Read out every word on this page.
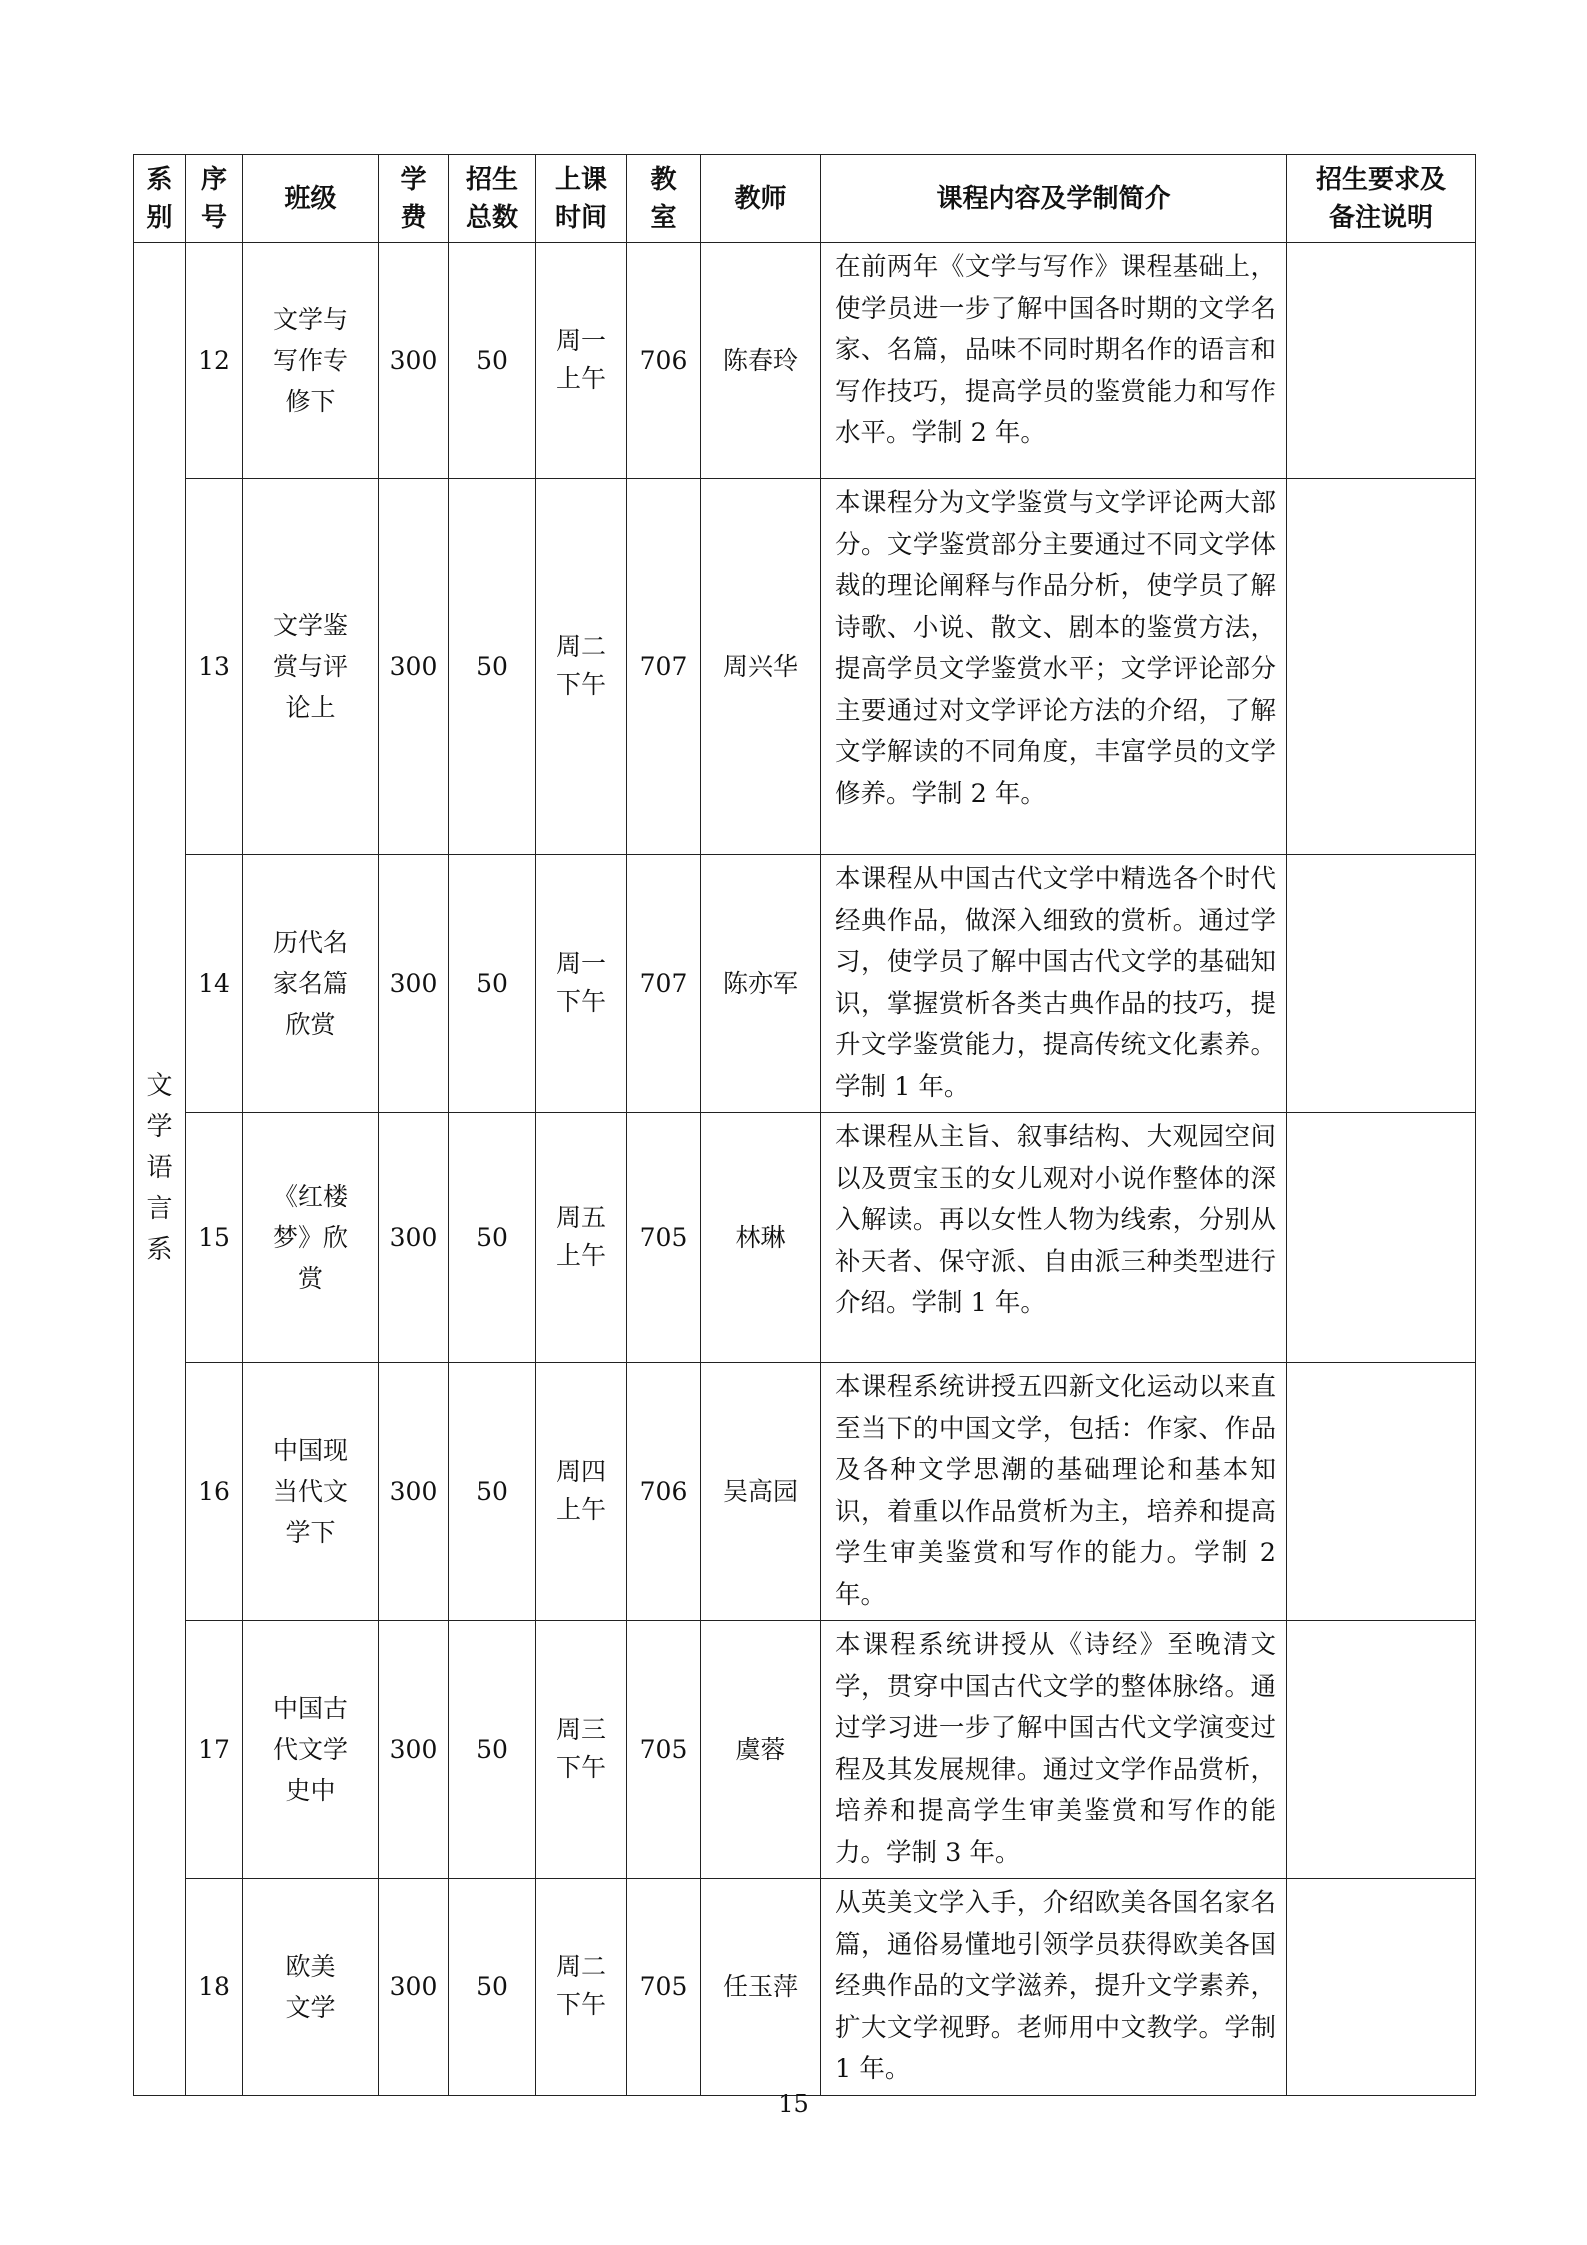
系别	序号	班级	学费	招生总数	上课时间	教室	教师	课程内容及学制简介	招生要求及备注说明
文学语言系	12	文学与写作专修下	300	50	周一上午	706	陈春玲	在前两年《文学与写作》课程基础上，使学员进一步了解中国各时期的文学名家、名篇，品味不同时期名作的语言和写作技巧，提高学员的鉴赏能力和写作水平。学制 2 年。	
	13	文学鉴赏与评论上	300	50	周二下午	707	周兴华	本课程分为文学鉴赏与文学评论两大部分。文学鉴赏部分主要通过不同文学体裁的理论阐释与作品分析，使学员了解诗歌、小说、散文、剧本的鉴赏方法，提高学员文学鉴赏水平；文学评论部分主要通过对文学评论方法的介绍，了解文学解读的不同角度，丰富学员的文学修养。学制 2 年。	
	14	历代名家名篇欣赏	300	50	周一下午	707	陈亦军	本课程从中国古代文学中精选各个时代经典作品，做深入细致的赏析。通过学习，使学员了解中国古代文学的基础知识，掌握赏析各类古典作品的技巧，提升文学鉴赏能力，提高传统文化素养。学制 1 年。	
	15	《红楼梦》欣赏	300	50	周五上午	705	林琳	本课程从主旨、叙事结构、大观园空间以及贾宝玉的女儿观对小说作整体的深入解读。再以女性人物为线索，分别从补天者、保守派、自由派三种类型进行介绍。学制 1 年。	
	16	中国现当代文学下	300	50	周四上午	706	吴高园	本课程系统讲授五四新文化运动以来直至当下的中国文学，包括：作家、作品及各种文学思潮的基础理论和基本知识，着重以作品赏析为主，培养和提高学生审美鉴赏和写作的能力。学制 2 年。	
	17	中国古代文学史中	300	50	周三下午	705	虞蓉	本课程系统讲授从《诗经》至晚清文学，贯穿中国古代文学的整体脉络。通过学习进一步了解中国古代文学演变过程及其发展规律。通过文学作品赏析，培养和提高学生审美鉴赏和写作的能力。学制 3 年。	
	18	欧美文学	300	50	周二下午	705	任玉萍	从英美文学入手，介绍欧美各国名家名篇，通俗易懂地引领学员获得欧美各国经典作品的文学滋养，提升文学素养，扩大文学视野。老师用中文教学。学制 1 年。	
15
